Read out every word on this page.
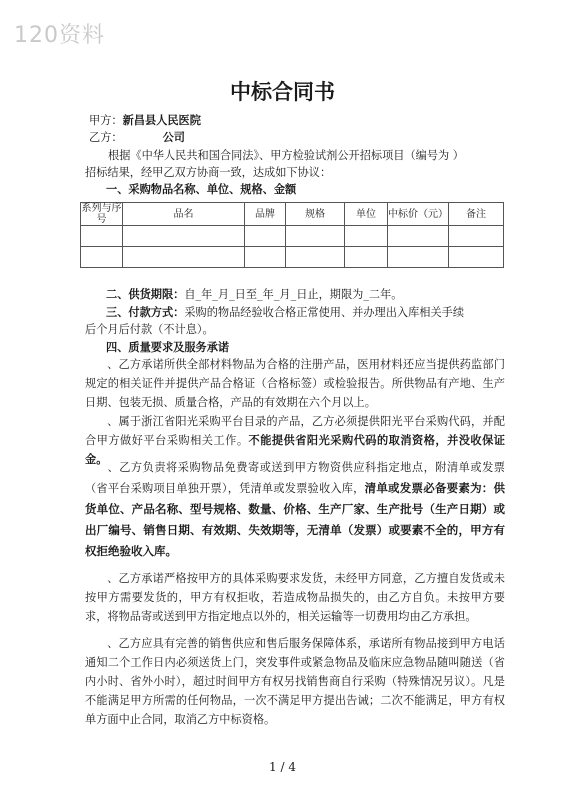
120资料
中标合同书
甲方：新昌县人民医院
乙方：	公司
根据《中华人民共和国合同法》、甲方检验试剂公开招标项目（编号为 ）
招标结果，经甲乙双方协商一致，达成如下协议：
一、采购物品名称、单位、规格、金额
系列与序号	品名	品牌	规格	单位	中标价（元）	备注

二、供货期限：自_年_月_日至_年_月_日止，期限为_二年。
三、付款方式：采购的物品经验收合格正常使用、并办理出入库相关手续
后个月后付款（不计息）。
四、质量要求及服务承诺
、乙方承诺所供全部材料物品为合格的注册产品，医用材料还应当提供药监部门规定的相关证件并提供产品合格证（合格标签）或检验报告。所供物品有产地、生产日期、包装无损、质量合格，产品的有效期在六个月以上。
、属于浙江省阳光采购平台目录的产品，乙方必须提供阳光平台采购代码，并配合甲方做好平台采购相关工作。不能提供省阳光采购代码的取消资格，并没收保证金。
、乙方负责将采购物品免费寄或送到甲方物资供应科指定地点，附清单或发票（省平台采购项目单独开票），凭清单或发票验收入库，清单或发票必备要素为：供货单位、产品名称、型号规格、数量、价格、生产厂家、生产批号（生产日期）或出厂编号、销售日期、有效期、失效期等，无清单（发票）或要素不全的，甲方有权拒绝验收入库。
、乙方承诺严格按甲方的具体采购要求发货，未经甲方同意，乙方擅自发货或未按甲方需要发货的，甲方有权拒收，若造成物品损失的，由乙方自负。未按甲方要求，将物品寄或送到甲方指定地点以外的，相关运输等一切费用均由乙方承担。
、乙方应具有完善的销售供应和售后服务保障体系，承诺所有物品接到甲方电话通知二个工作日内必须送货上门，突发事件或紧急物品及临床应急物品随叫随送（省内小时、省外小时），超过时间甲方有权另找销售商自行采购（特殊情况另议）。凡是不能满足甲方所需的任何物品，一次不满足甲方提出告诫；二次不能满足，甲方有权单方面中止合同，取消乙方中标资格。
1 / 4
